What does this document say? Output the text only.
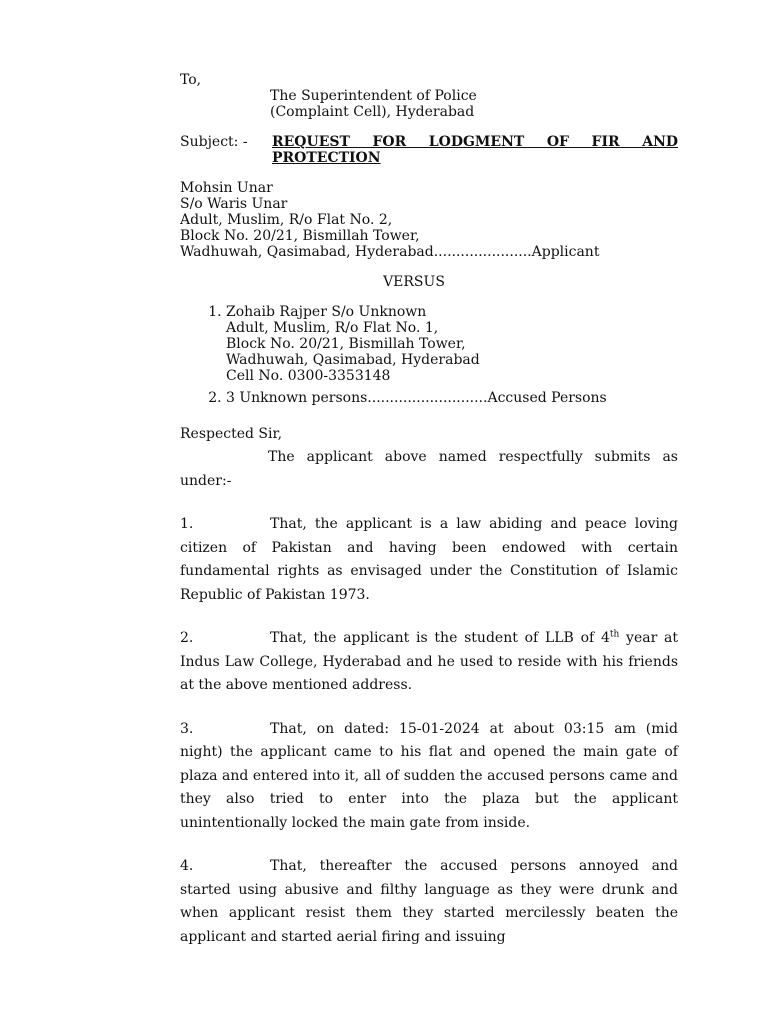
To,
The Superintendent of Police
(Complaint Cell), Hyderabad
Subject: -	REQUEST FOR LODGMENT OF FIR AND PROTECTION
Mohsin Unar
S/o Waris Unar
Adult, Muslim, R/o Flat No. 2,
Block No. 20/21, Bismillah Tower,
Wadhuwah, Qasimabad, Hyderabad......................Applicant
VERSUS
1. Zohaib Rajper S/o Unknown
Adult, Muslim, R/o Flat No. 1,
Block No. 20/21, Bismillah Tower,
Wadhuwah, Qasimabad, Hyderabad
Cell No. 0300-3353148
2. 3 Unknown persons...........................Accused Persons
Respected Sir,
The applicant above named respectfully submits as under:-
1.	That, the applicant is a law abiding and peace loving citizen of Pakistan and having been endowed with certain fundamental rights as envisaged under the Constitution of Islamic Republic of Pakistan 1973.
2.	That, the applicant is the student of LLB of 4th year at Indus Law College, Hyderabad and he used to reside with his friends at the above mentioned address.
3.	That, on dated: 15-01-2024 at about 03:15 am (mid night) the applicant came to his flat and opened the main gate of plaza and entered into it, all of sudden the accused persons came and they also tried to enter into the plaza but the applicant unintentionally locked the main gate from inside.
4.	That, thereafter the accused persons annoyed and started using abusive and filthy language as they were drunk and when applicant resist them they started mercilessly beaten the applicant and started aerial firing and issuing
